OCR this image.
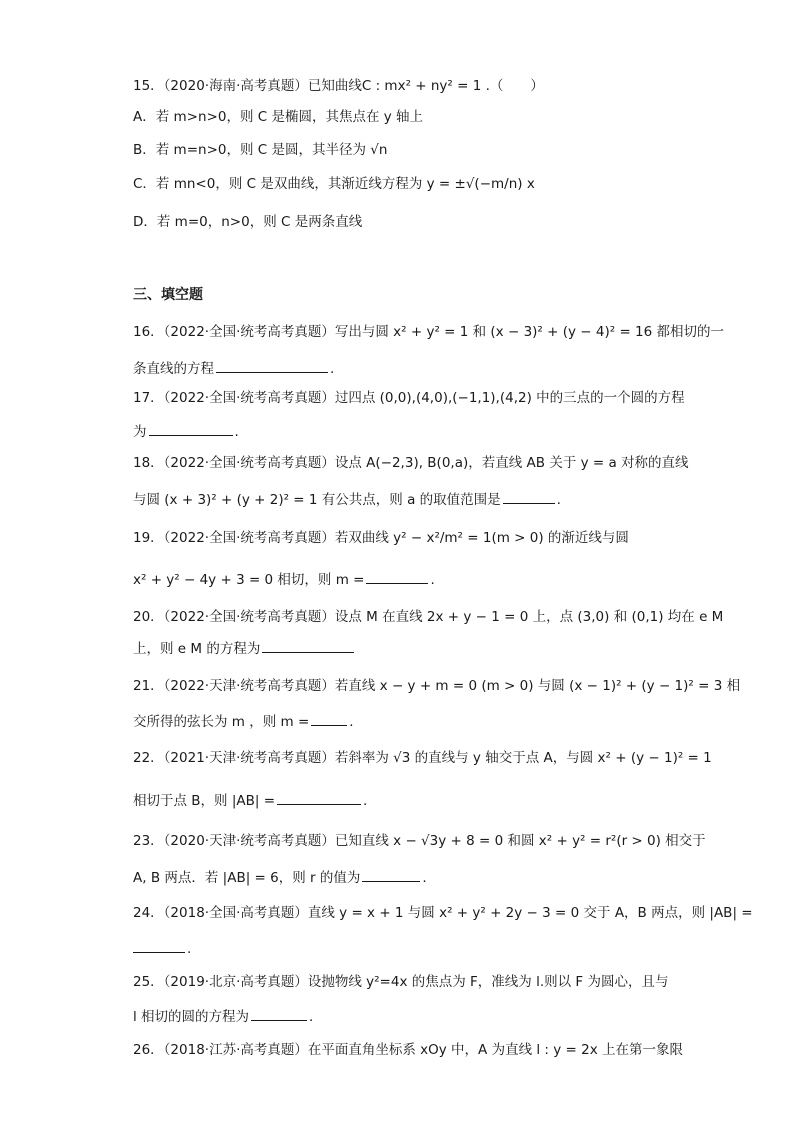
15．（2020·海南·高考真题）已知曲线C : mx² + ny² = 1 .（　　）
A．若 m>n>0，则 C 是椭圆，其焦点在 y 轴上
B．若 m=n>0，则 C 是圆，其半径为 √n
C．若 mn<0，则 C 是双曲线，其渐近线方程为 y = ±√(−m/n) x
D．若 m=0，n>0，则 C 是两条直线
三、填空题
16．（2022·全国·统考高考真题）写出与圆 x² + y² = 1 和 (x − 3)² + (y − 4)² = 16 都相切的一
条直线的方程	.
17．（2022·全国·统考高考真题）过四点 (0,0),(4,0),(−1,1),(4,2) 中的三点的一个圆的方程
为	.
18．（2022·全国·统考高考真题）设点 A(−2,3), B(0,a)，若直线 AB 关于 y = a 对称的直线
与圆 (x + 3)² + (y + 2)² = 1 有公共点，则 a 的取值范围是	.
19．（2022·全国·统考高考真题）若双曲线 y² − x²/m² = 1(m > 0) 的渐近线与圆
x² + y² − 4y + 3 = 0 相切，则 m =	.
20．（2022·全国·统考高考真题）设点 M 在直线 2x + y − 1 = 0 上，点 (3,0) 和 (0,1) 均在 e M
上，则 e M 的方程为
21．（2022·天津·统考高考真题）若直线 x − y + m = 0 (m > 0) 与圆 (x − 1)² + (y − 1)² = 3 相
交所得的弦长为 m ，则 m =	.
22．（2021·天津·统考高考真题）若斜率为 √3 的直线与 y 轴交于点 A，与圆 x² + (y − 1)² = 1
相切于点 B，则 |AB| =	.
23．（2020·天津·统考高考真题）已知直线 x − √3y + 8 = 0 和圆 x² + y² = r²(r > 0) 相交于
A, B 两点．若 |AB| = 6，则 r 的值为	.
24．（2018·全国·高考真题）直线 y = x + 1 与圆 x² + y² + 2y − 3 = 0 交于 A，B 两点，则 |AB| =
.
25．（2019·北京·高考真题）设抛物线 y²=4x 的焦点为 F，准线为 l.则以 F 为圆心，且与
l 相切的圆的方程为	.
26．（2018·江苏·高考真题）在平面直角坐标系 xOy 中，A 为直线 l : y = 2x 上在第一象限
